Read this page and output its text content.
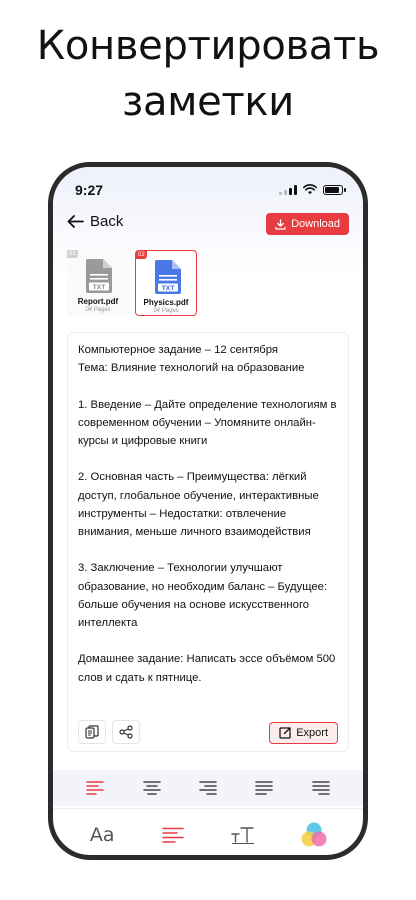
Конвертировать
заметки
9:27
Back	Download
01
TXT
Report.pdf
04 Pages
02
TXT
Physics.pdf
04 Pages

Компьютерное задание – 12 сентября
Тема: Влияние технологий на образование

1. Введение – Дайте определение технологиям в современном обучении – Упомяните онлайн-курсы и цифровые книги

2. Основная часть – Преимущества: лёгкий доступ, глобальное обучение, интерактивные инструменты – Недостатки: отвлечение внимания, меньше личного взаимодействия

3. Заключение – Технологии улучшают образование, но необходим баланс – Будущее: больше обучения на основе искусственного интеллекта

Домашнее задание: Написать эссе объёмом 500 слов и сдать к пятнице.

Export
Aa
